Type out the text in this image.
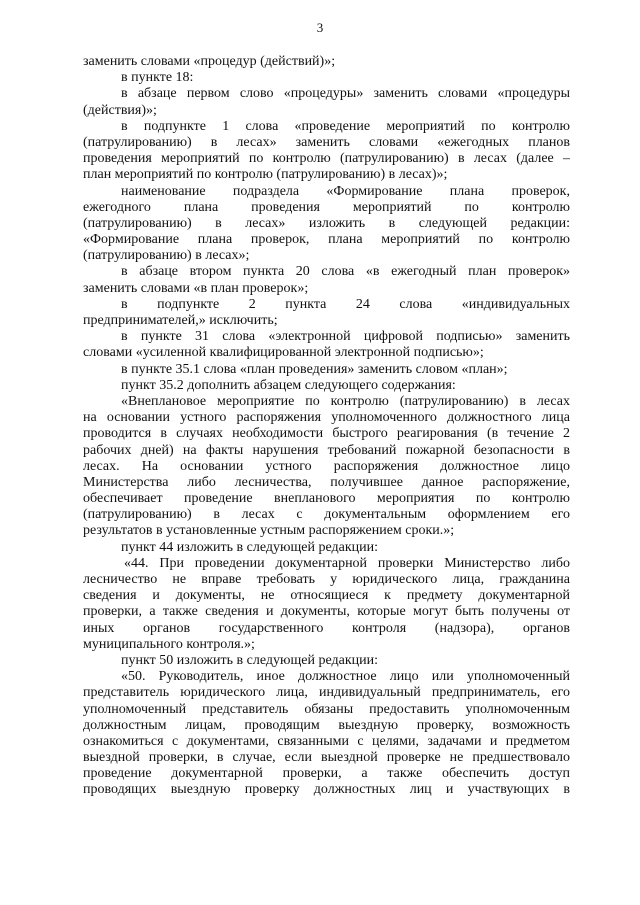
3
заменить словами «процедур (действий)»;
в пункте 18:
в абзаце первом слово «процедуры» заменить словами «процедуры
(действия)»;
в подпункте 1 слова «проведение мероприятий по контролю
(патрулированию) в лесах» заменить словами «ежегодных планов
проведения мероприятий по контролю (патрулированию) в лесах (далее –
план мероприятий по контролю (патрулированию) в лесах)»;
наименование подраздела «Формирование плана проверок,
ежегодного плана проведения мероприятий по контролю
(патрулированию) в лесах» изложить в следующей редакции:
«Формирование плана проверок, плана мероприятий по контролю
(патрулированию) в лесах»;
в абзаце втором пункта 20 слова «в ежегодный план проверок»
заменить словами «в план проверок»;
в подпункте 2 пункта 24 слова «индивидуальных
предпринимателей,» исключить;
в пункте 31 слова «электронной цифровой подписью» заменить
словами «усиленной квалифицированной электронной подписью»;
в пункте 35.1 слова «план проведения» заменить словом «план»;
пункт 35.2 дополнить абзацем следующего содержания:
«Внеплановое мероприятие по контролю (патрулированию) в лесах
на основании устного распоряжения уполномоченного должностного лица
проводится в случаях необходимости быстрого реагирования (в течение 2
рабочих дней) на факты нарушения требований пожарной безопасности в
лесах. На основании устного распоряжения должностное лицо
Министерства либо лесничества, получившее данное распоряжение,
обеспечивает проведение внепланового мероприятия по контролю
(патрулированию) в лесах с документальным оформлением его
результатов в установленные устным распоряжением сроки.»;
пункт 44 изложить в следующей редакции:
«44. При проведении документарной проверки Министерство либо
лесничество не вправе требовать у юридического лица, гражданина
сведения и документы, не относящиеся к предмету документарной
проверки, а также сведения и документы, которые могут быть получены от
иных органов государственного контроля (надзора), органов
муниципального контроля.»;
пункт 50 изложить в следующей редакции:
«50. Руководитель, иное должностное лицо или уполномоченный
представитель юридического лица, индивидуальный предприниматель, его
уполномоченный представитель обязаны предоставить уполномоченным
должностным лицам, проводящим выездную проверку, возможность
ознакомиться с документами, связанными с целями, задачами и предметом
выездной проверки, в случае, если выездной проверке не предшествовало
проведение документарной проверки, а также обеспечить доступ
проводящих выездную проверку должностных лиц и участвующих в
